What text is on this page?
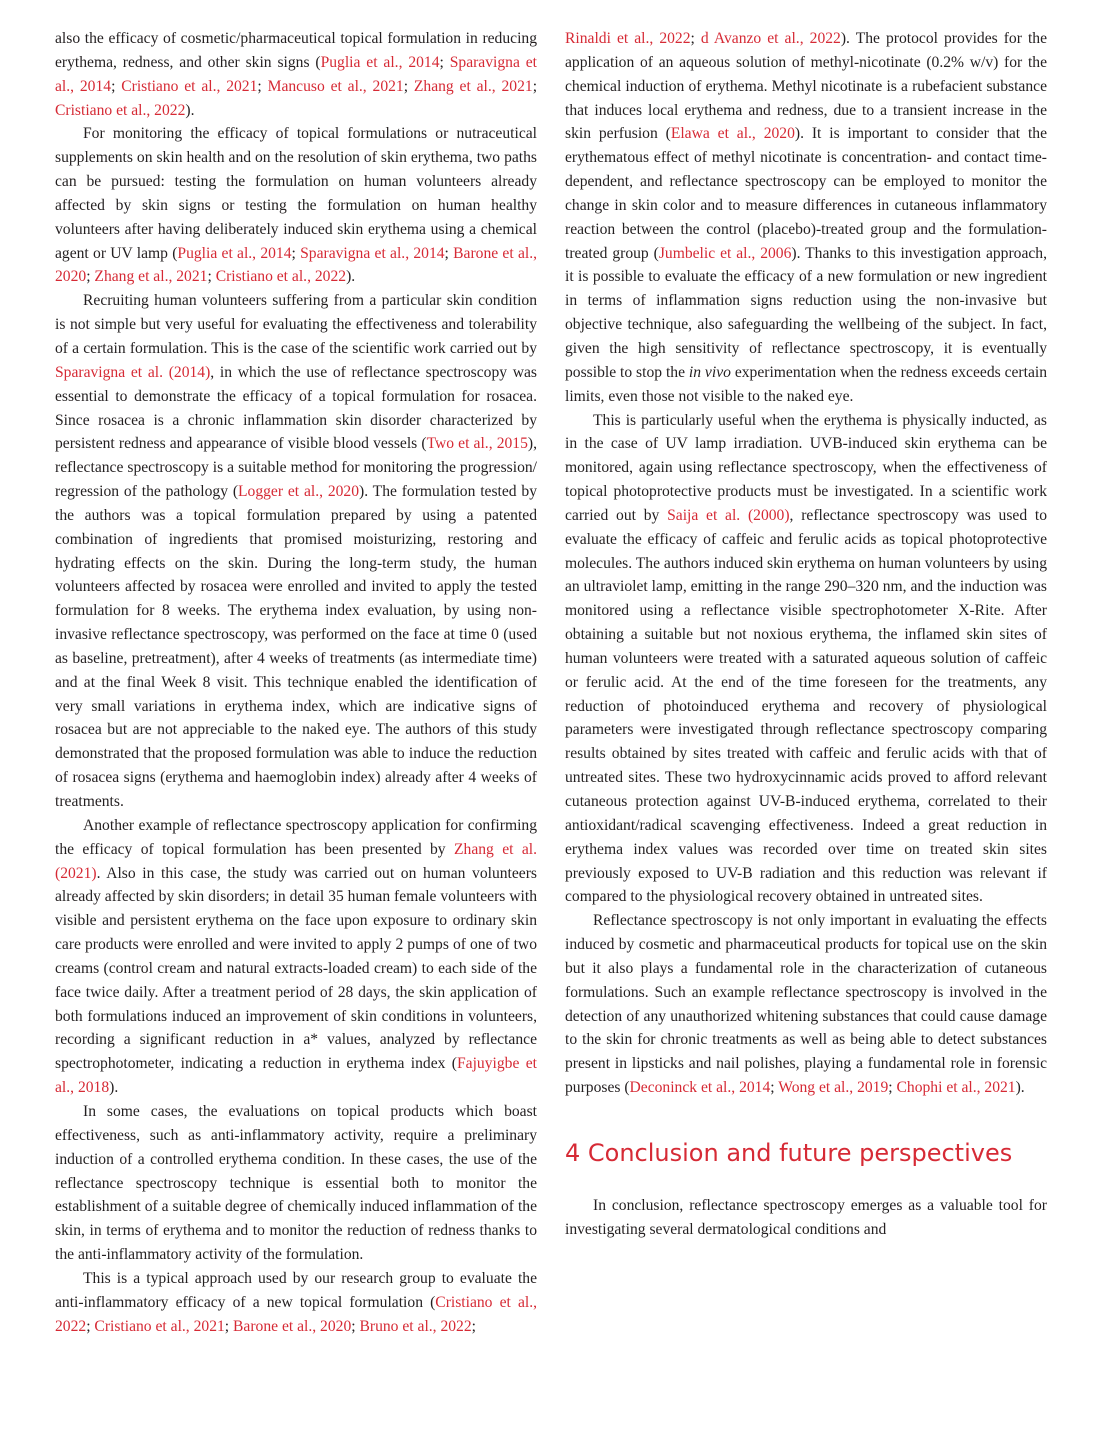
also the efficacy of cosmetic/pharmaceutical topical formulation in reducing erythema, redness, and other skin signs (Puglia et al., 2014; Sparavigna et al., 2014; Cristiano et al., 2021; Mancuso et al., 2021; Zhang et al., 2021; Cristiano et al., 2022).

For monitoring the efficacy of topical formulations or nutraceutical supplements on skin health and on the resolution of skin erythema, two paths can be pursued: testing the formulation on human volunteers already affected by skin signs or testing the formulation on human healthy volunteers after having deliberately induced skin erythema using a chemical agent or UV lamp (Puglia et al., 2014; Sparavigna et al., 2014; Barone et al., 2020; Zhang et al., 2021; Cristiano et al., 2022).

Recruiting human volunteers suffering from a particular skin condition is not simple but very useful for evaluating the effectiveness and tolerability of a certain formulation. This is the case of the scientific work carried out by Sparavigna et al. (2014), in which the use of reflectance spectroscopy was essential to demonstrate the efficacy of a topical formulation for rosacea. Since rosacea is a chronic inflammation skin disorder characterized by persistent redness and appearance of visible blood vessels (Two et al., 2015), reflectance spectroscopy is a suitable method for monitoring the progression/ regression of the pathology (Logger et al., 2020). The formulation tested by the authors was a topical formulation prepared by using a patented combination of ingredients that promised moisturizing, restoring and hydrating effects on the skin. During the long-term study, the human volunteers affected by rosacea were enrolled and invited to apply the tested formulation for 8 weeks. The erythema index evaluation, by using non-invasive reflectance spectroscopy, was performed on the face at time 0 (used as baseline, pretreatment), after 4 weeks of treatments (as intermediate time) and at the final Week 8 visit. This technique enabled the identification of very small variations in erythema index, which are indicative signs of rosacea but are not appreciable to the naked eye. The authors of this study demonstrated that the proposed formulation was able to induce the reduction of rosacea signs (erythema and haemoglobin index) already after 4 weeks of treatments.

Another example of reflectance spectroscopy application for confirming the efficacy of topical formulation has been presented by Zhang et al. (2021). Also in this case, the study was carried out on human volunteers already affected by skin disorders; in detail 35 human female volunteers with visible and persistent erythema on the face upon exposure to ordinary skin care products were enrolled and were invited to apply 2 pumps of one of two creams (control cream and natural extracts-loaded cream) to each side of the face twice daily. After a treatment period of 28 days, the skin application of both formulations induced an improvement of skin conditions in volunteers, recording a significant reduction in a* values, analyzed by reflectance spectrophotometer, indicating a reduction in erythema index (Fajuyigbe et al., 2018).

In some cases, the evaluations on topical products which boast effectiveness, such as anti-inflammatory activity, require a preliminary induction of a controlled erythema condition. In these cases, the use of the reflectance spectroscopy technique is essential both to monitor the establishment of a suitable degree of chemically induced inflammation of the skin, in terms of erythema and to monitor the reduction of redness thanks to the anti-inflammatory activity of the formulation.

This is a typical approach used by our research group to evaluate the anti-inflammatory efficacy of a new topical formulation (Cristiano et al., 2022; Cristiano et al., 2021; Barone et al., 2020; Bruno et al., 2022;

Rinaldi et al., 2022; d Avanzo et al., 2022). The protocol provides for the application of an aqueous solution of methyl-nicotinate (0.2% w/v) for the chemical induction of erythema. Methyl nicotinate is a rubefacient substance that induces local erythema and redness, due to a transient increase in the skin perfusion (Elawa et al., 2020). It is important to consider that the erythematous effect of methyl nicotinate is concentration- and contact time-dependent, and reflectance spectroscopy can be employed to monitor the change in skin color and to measure differences in cutaneous inflammatory reaction between the control (placebo)-treated group and the formulation-treated group (Jumbelic et al., 2006). Thanks to this investigation approach, it is possible to evaluate the efficacy of a new formulation or new ingredient in terms of inflammation signs reduction using the non-invasive but objective technique, also safeguarding the wellbeing of the subject. In fact, given the high sensitivity of reflectance spectroscopy, it is eventually possible to stop the in vivo experimentation when the redness exceeds certain limits, even those not visible to the naked eye.

This is particularly useful when the erythema is physically inducted, as in the case of UV lamp irradiation. UVB-induced skin erythema can be monitored, again using reflectance spectroscopy, when the effectiveness of topical photoprotective products must be investigated. In a scientific work carried out by Saija et al. (2000), reflectance spectroscopy was used to evaluate the efficacy of caffeic and ferulic acids as topical photoprotective molecules. The authors induced skin erythema on human volunteers by using an ultraviolet lamp, emitting in the range 290–320 nm, and the induction was monitored using a reflectance visible spectrophotometer X-Rite. After obtaining a suitable but not noxious erythema, the inflamed skin sites of human volunteers were treated with a saturated aqueous solution of caffeic or ferulic acid. At the end of the time foreseen for the treatments, any reduction of photoinduced erythema and recovery of physiological parameters were investigated through reflectance spectroscopy comparing results obtained by sites treated with caffeic and ferulic acids with that of untreated sites. These two hydroxycinnamic acids proved to afford relevant cutaneous protection against UV-B-induced erythema, correlated to their antioxidant/radical scavenging effectiveness. Indeed a great reduction in erythema index values was recorded over time on treated skin sites previously exposed to UV-B radiation and this reduction was relevant if compared to the physiological recovery obtained in untreated sites.

Reflectance spectroscopy is not only important in evaluating the effects induced by cosmetic and pharmaceutical products for topical use on the skin but it also plays a fundamental role in the characterization of cutaneous formulations. Such an example reflectance spectroscopy is involved in the detection of any unauthorized whitening substances that could cause damage to the skin for chronic treatments as well as being able to detect substances present in lipsticks and nail polishes, playing a fundamental role in forensic purposes (Deconinck et al., 2014; Wong et al., 2019; Chophi et al., 2021).

4 Conclusion and future perspectives

In conclusion, reflectance spectroscopy emerges as a valuable tool for investigating several dermatological conditions and
